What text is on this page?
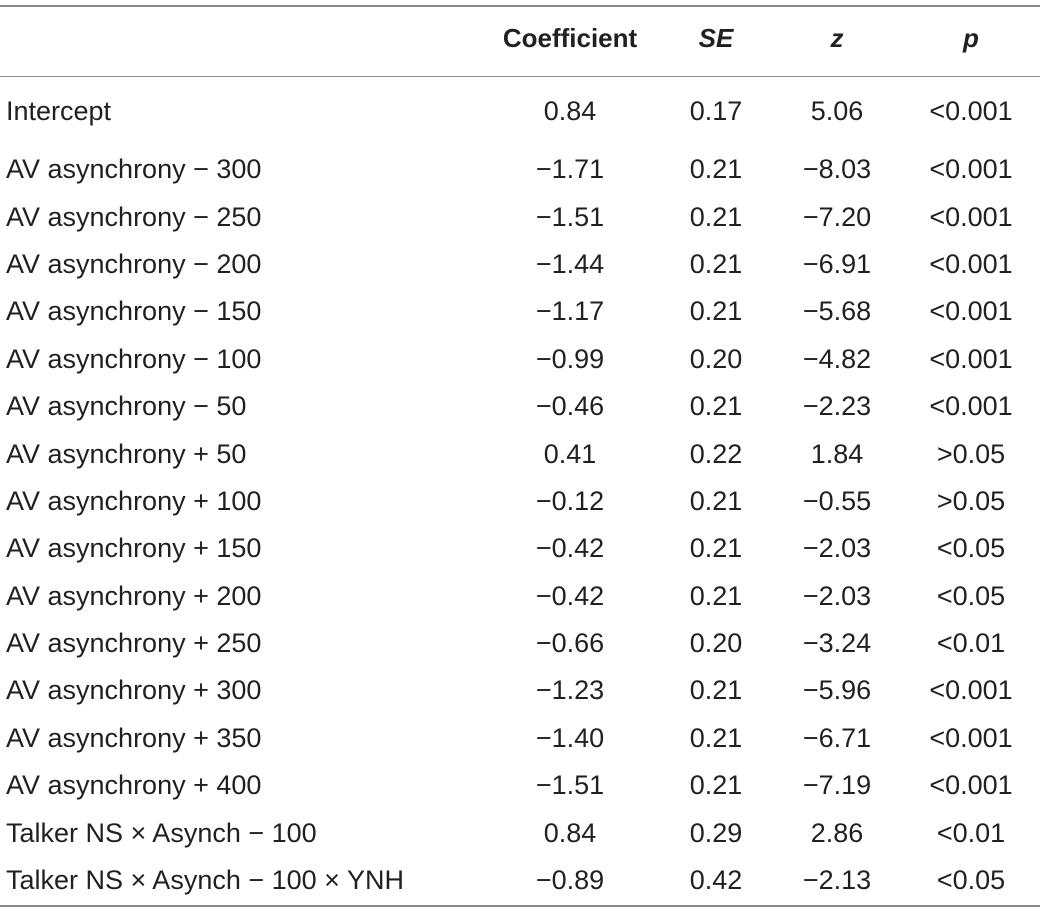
	Coefficient	SE	z	p
Intercept	0.84	0.17	5.06	<0.001
AV asynchrony − 300	−1.71	0.21	−8.03	<0.001
AV asynchrony − 250	−1.51	0.21	−7.20	<0.001
AV asynchrony − 200	−1.44	0.21	−6.91	<0.001
AV asynchrony − 150	−1.17	0.21	−5.68	<0.001
AV asynchrony − 100	−0.99	0.20	−4.82	<0.001
AV asynchrony − 50	−0.46	0.21	−2.23	<0.001
AV asynchrony + 50	0.41	0.22	1.84	>0.05
AV asynchrony + 100	−0.12	0.21	−0.55	>0.05
AV asynchrony + 150	−0.42	0.21	−2.03	<0.05
AV asynchrony + 200	−0.42	0.21	−2.03	<0.05
AV asynchrony + 250	−0.66	0.20	−3.24	<0.01
AV asynchrony + 300	−1.23	0.21	−5.96	<0.001
AV asynchrony + 350	−1.40	0.21	−6.71	<0.001
AV asynchrony + 400	−1.51	0.21	−7.19	<0.001
Talker NS × Asynch − 100	0.84	0.29	2.86	<0.01
Talker NS × Asynch − 100 × YNH	−0.89	0.42	−2.13	<0.05
